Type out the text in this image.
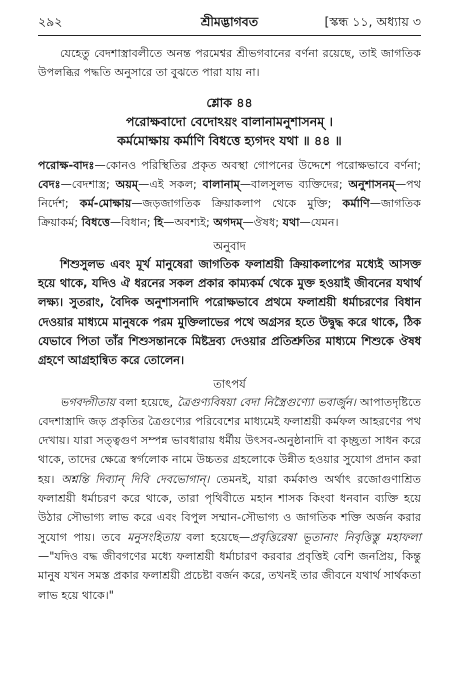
২৯২	শ্রীমদ্ভাগবত	[স্কন্ধ ১১, অধ্যায় ৩

যেহেতু বেদশাস্ত্রাবলীতে অনন্ত পরমেশ্বর শ্রীভগবানের বর্ণনা রয়েছে, তাই জাগতিক উপলব্ধির পদ্ধতি অনুসারে তা বুঝতে পারা যায় না।

শ্লোক ৪৪
পরোক্ষবাদো বেদোঽয়ং বালানামনুশাসনম্ ।
কর্মমোক্ষায় কর্মাণি বিধত্তে হ্যগদং যথা ॥ ৪৪ ॥

পরোক্ষ-বাদঃ—কোনও পরিস্থিতির প্রকৃত অবস্থা গোপনের উদ্দেশে পরোক্ষভাবে বর্ণনা; বেদঃ—বেদশাস্ত্র; অয়ম্—এই সকল; বালানাম্—বালসুলভ ব্যক্তিদের; অনুশাসনম্—পথ নির্দেশ; কর্ম-মোক্ষায়—জড়জাগতিক ক্রিয়াকলাপ থেকে মুক্তি; কর্মাণি—জাগতিক ক্রিয়াকর্ম; বিধত্তে—বিধান; হি—অবশ্যই; অগদম্—ঔষধ; যথা—যেমন।

অনুবাদ

শিশুসুলভ এবং মূর্খ মানুষেরা জাগতিক ফলাশ্রয়ী ক্রিয়াকলাপের মধ্যেই আসক্ত হয়ে থাকে, যদিও ঐ ধরনের সকল প্রকার কাম্যকর্ম থেকে মুক্ত হওয়াই জীবনের যথার্থ লক্ষ্য। সুতরাং, বৈদিক অনুশাসনাদি পরোক্ষভাবে প্রথমে ফলাশ্রয়ী ধর্মাচরণের বিধান দেওয়ার মাধ্যমে মানুষকে পরম মুক্তিলাভের পথে অগ্রসর হতে উদ্বুদ্ধ করে থাকে, ঠিক যেভাবে পিতা তাঁর শিশুসন্তানকে মিষ্টদ্রব্য দেওয়ার প্রতিশ্রুতির মাধ্যমে শিশুকে ঔষধ গ্রহণে আগ্রহান্বিত করে তোলেন।

তাৎপর্য

ভগবদ্গীতায় বলা হয়েছে, ত্রৈগুণ্যবিষয়া বেদা নিস্ত্রৈগুণ্যো ভবার্জুন। আপাতদৃষ্টিতে বেদশাস্ত্রাদি জড় প্রকৃতির ত্রৈগুণ্যের পরিবেশের মাধ্যমেই ফলাশ্রয়ী কর্মফল আহরণের পথ দেখায়। যারা সত্ত্বগুণ সম্পন্ন ভাবধারায় ধর্মীয় উৎসব-অনুষ্ঠানাদি বা কৃচ্ছ্রতা সাধন করে থাকে, তাদের ক্ষেত্রে স্বর্গলোক নামে উচ্চতর গ্রহলোকে উন্নীত হওয়ার সুযোগ প্রদান করা হয়। অশ্নন্তি দিব্যান্ দিবি দেবভোগান্। তেমনই, যারা কর্মকাণ্ড অর্থাৎ রজোগুণাশ্রিত ফলাশ্রয়ী ধর্মাচরণ করে থাকে, তারা পৃথিবীতে মহান শাসক কিংবা ধনবান ব্যক্তি হয়ে উঠার সৌভাগ্য লাভ করে এবং বিপুল সম্মান-সৌভাগ্য ও জাগতিক শক্তি অর্জন করার সুযোগ পায়। তবে মনুসংহিতায় বলা হয়েছে—প্রবৃত্তিরেষা ভূতানাং নিবৃত্তিস্তু মহাফলা—"যদিও বদ্ধ জীবগণের মধ্যে ফলাশ্রয়ী ধর্মাচারণ করবার প্রবৃত্তিই বেশি জনপ্রিয়, কিন্তু মানুষ যখন সমস্ত প্রকার ফলাশ্রয়ী প্রচেষ্টা বর্জন করে, তখনই তার জীবনে যথার্থ সার্থকতা লাভ হয়ে থাকে।"
